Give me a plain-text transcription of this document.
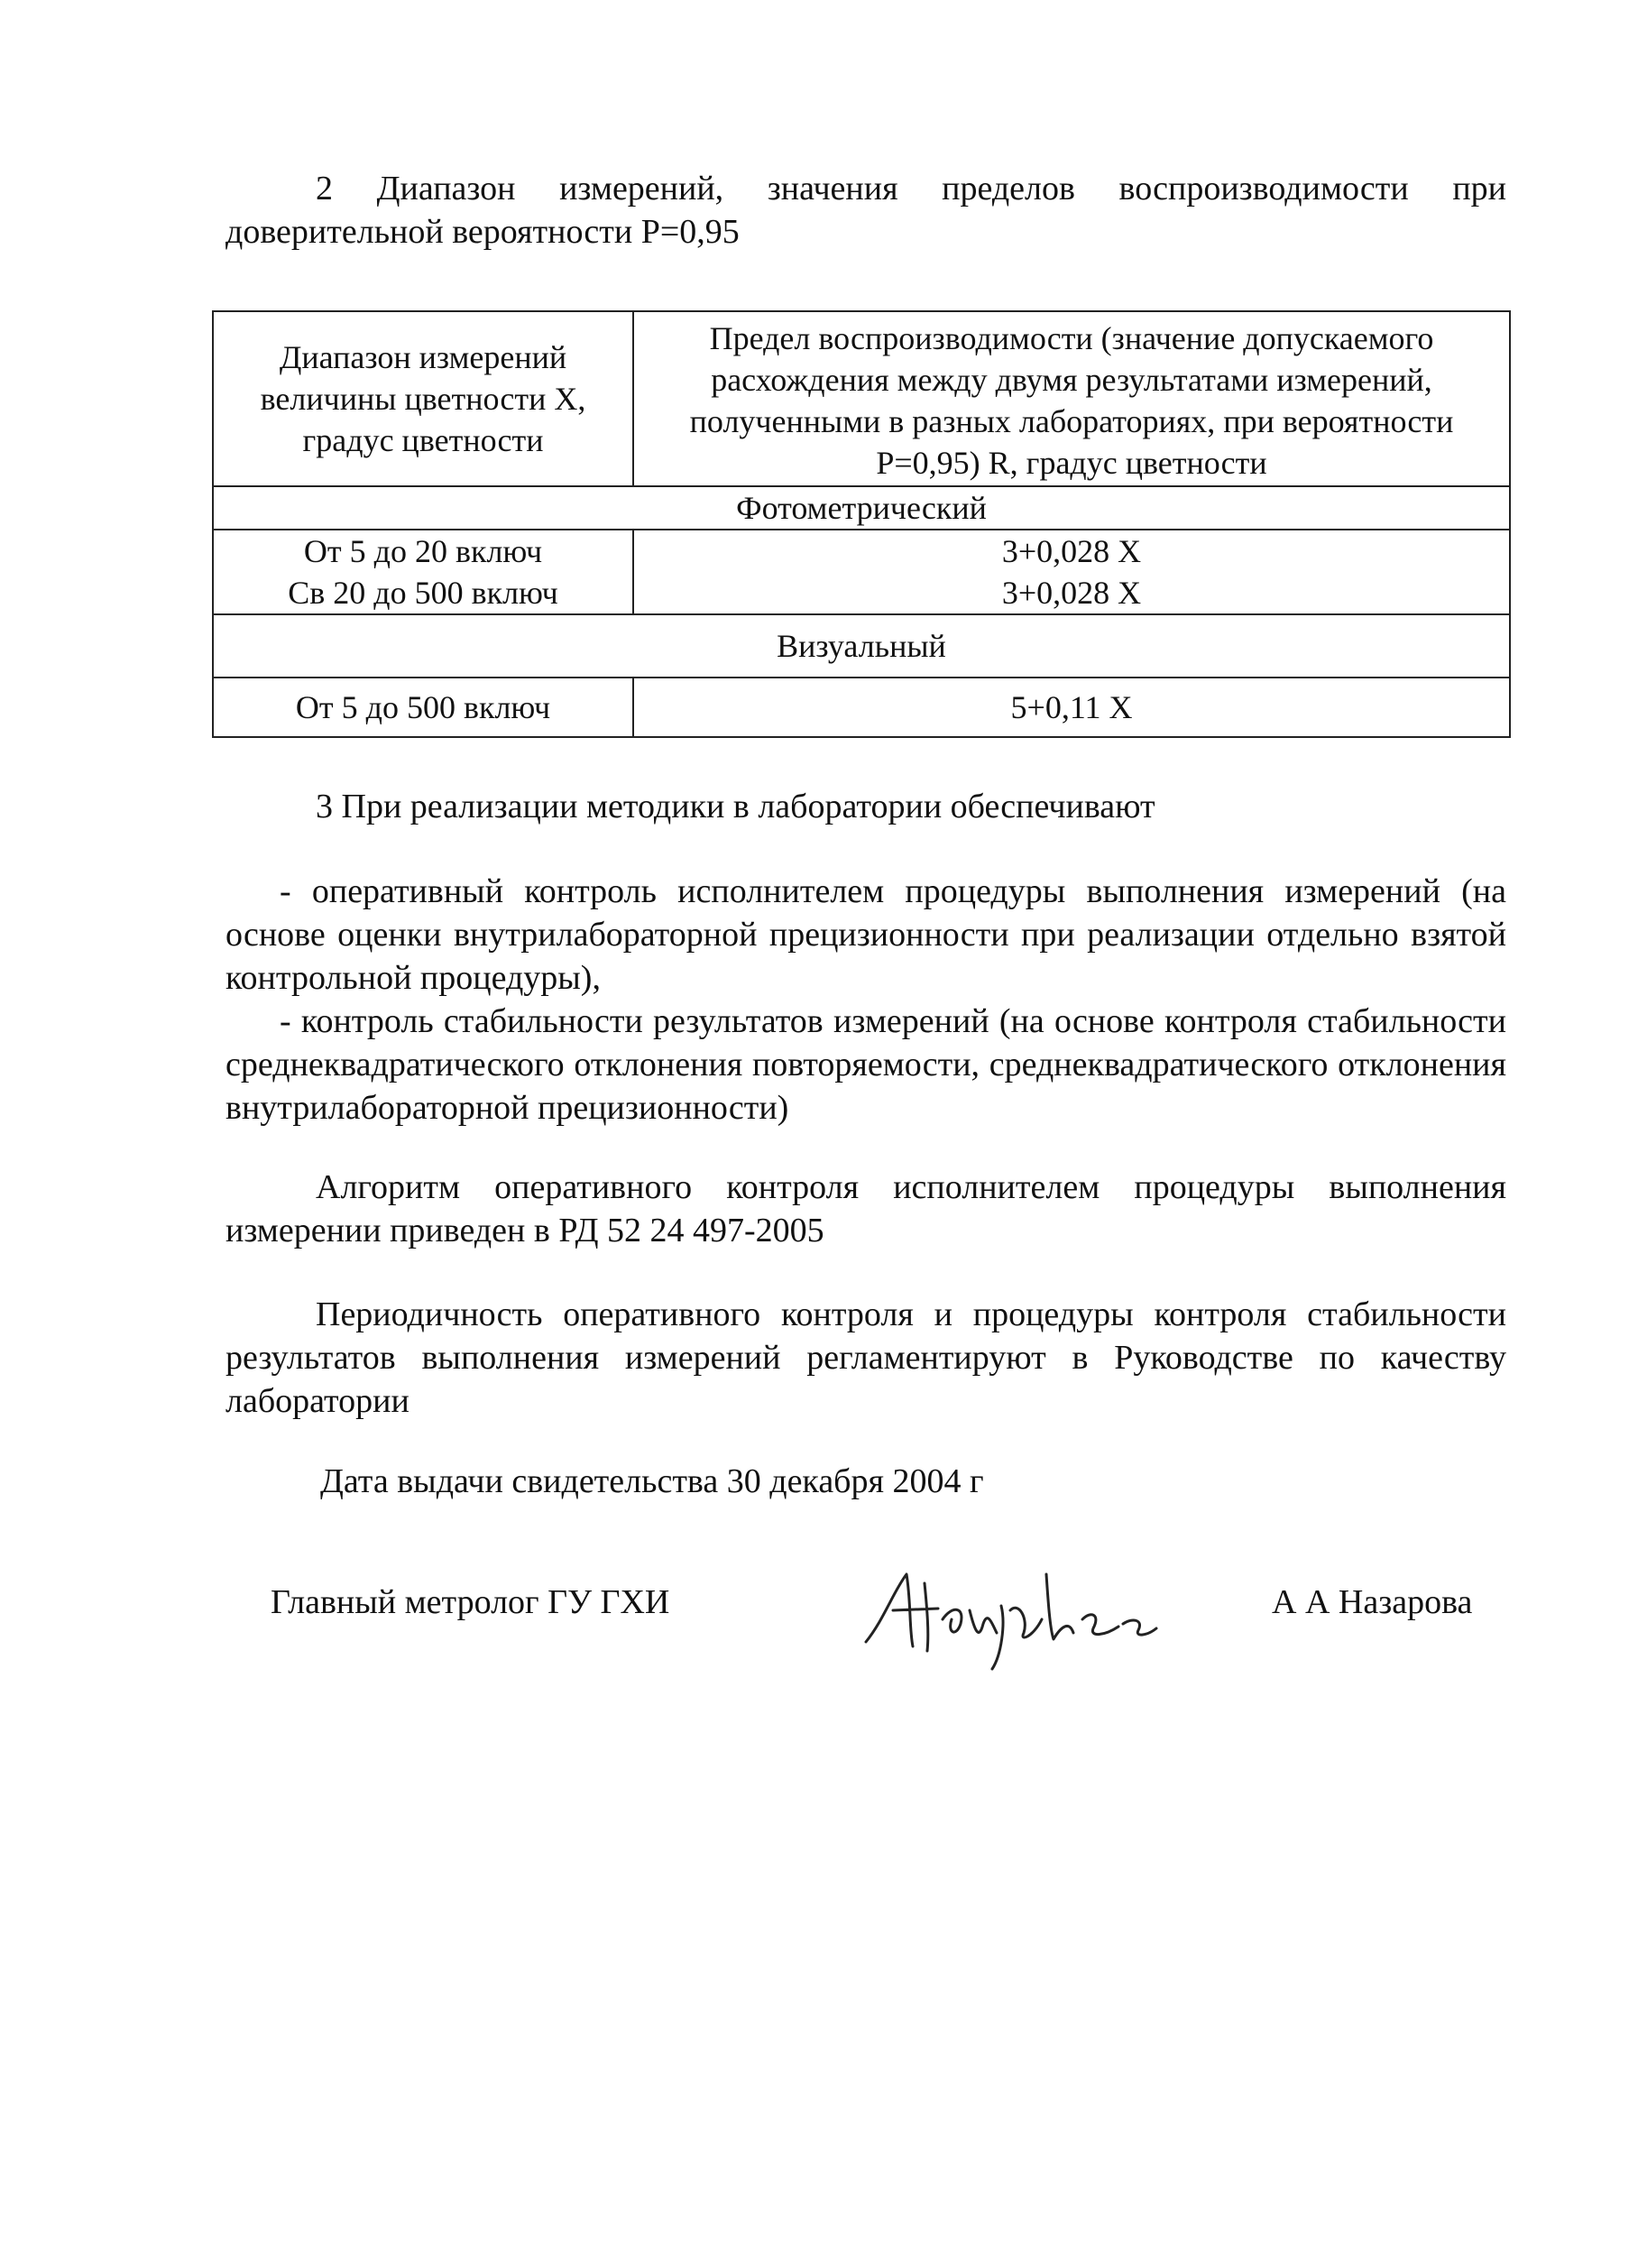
2 Диапазон измерений, значения пределов воспроизводимости при доверительной вероятности Р=0,95
Диапазон измерений величины цветности Х, градус цветности	Предел воспроизводимости (значение допускаемого расхождения между двумя результатами измерений, полученными в разных лабораториях, при вероятности Р=0,95) R, градус цветности
Фотометрический	
От 5 до 20 включ	3+0,028 X
Св 20 до 500 включ	3+0,028 X
Визуальный	
От 5 до 500 включ	5+0,11 X
3 При реализации методики в лаборатории обеспечивают
- оперативный контроль исполнителем процедуры выполнения измерений (на основе оценки внутрилабораторной прецизионности при реализации отдельно взятой контрольной процедуры),
- контроль стабильности результатов измерений (на основе контроля стабильности среднеквадратического отклонения повторяемости, среднеквадратического отклонения внутрилабораторной прецизионности)
Алгоритм оперативного контроля исполнителем процедуры выполнения измерении приведен в РД 52 24 497-2005
Периодичность оперативного контроля и процедуры контроля стабильности результатов выполнения измерений регламентируют в Руководстве по качеству лаборатории
Дата выдачи свидетельства 30 декабря 2004 г
Главный метролог ГУ ГХИ	А А Назарова
